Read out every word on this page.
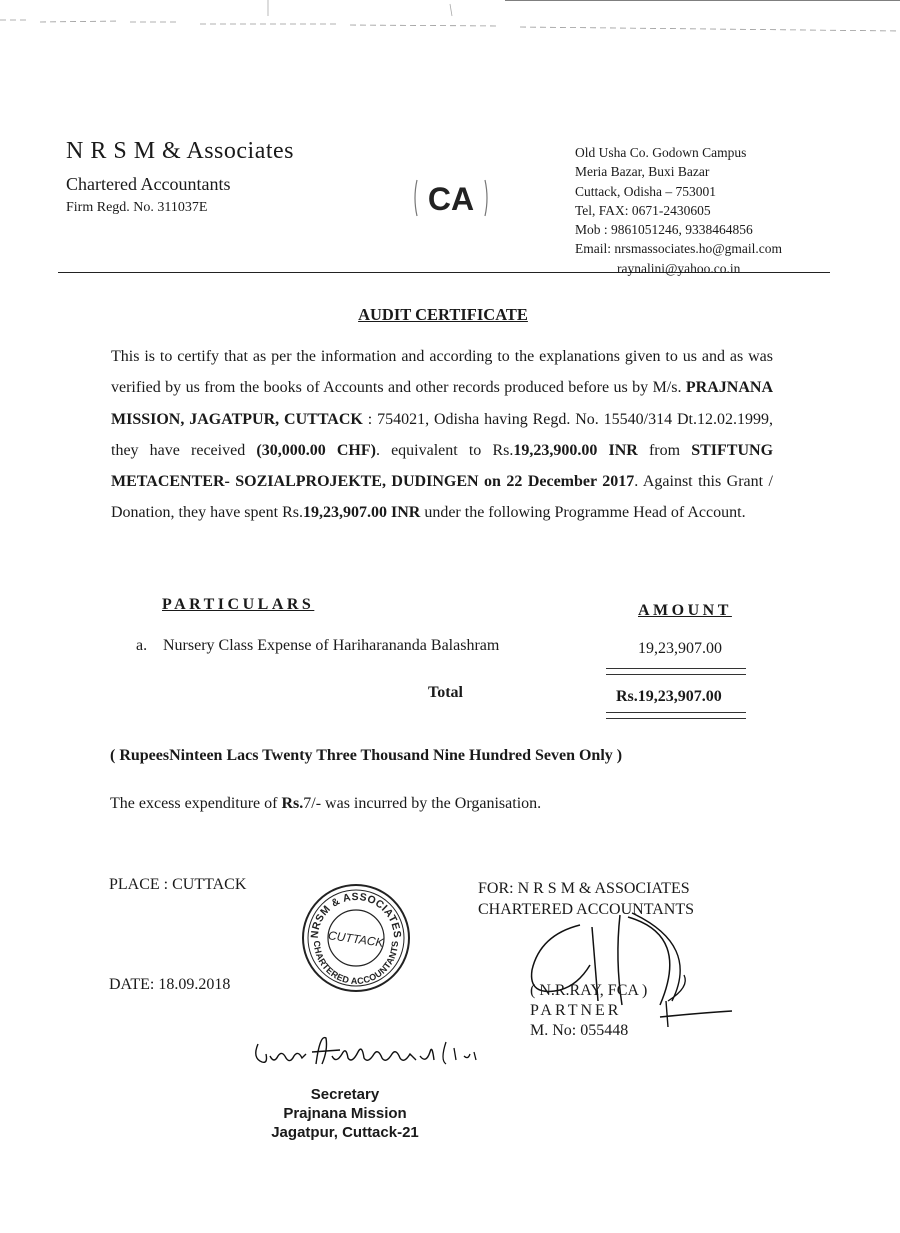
N R S M & Associates
Chartered Accountants
Firm Regd. No. 311037E	CA
Old Usha Co. Godown Campus
Meria Bazar, Buxi Bazar
Cuttack, Odisha – 753001
Tel, FAX: 0671-2430605
Mob : 9861051246, 9338464856
Email: nrsmassociates.ho@gmail.com
raynalini@yahoo.co.in
AUDIT CERTIFICATE
This is to certify that as per the information and according to the explanations given to us and as was verified by us from the books of Accounts and other records produced before us by M/s. PRAJNANA MISSION, JAGATPUR, CUTTACK : 754021, Odisha having Regd. No. 15540/314 Dt.12.02.1999, they have received (30,000.00 CHF). equivalent to Rs.19,23,900.00 INR from STIFTUNG METACENTER- SOZIALPROJEKTE, DUDINGEN on 22 December 2017. Against this Grant / Donation, they have spent Rs.19,23,907.00 INR under the following Programme Head of Account.
PARTICULARS	AMOUNT
a. Nursery Class Expense of Hariharananda Balashram	19,23,907.00
Total	Rs.19,23,907.00
( RupeesNinteen Lacs Twenty Three Thousand Nine Hundred Seven Only )
The excess expenditure of Rs.7/- was incurred by the Organisation.
PLACE : CUTTACK
DATE: 18.09.2018
NRSM & ASSOCIATES
CHARTERED ACCOUNTANTS
CUTTACK
FOR: N R S M & ASSOCIATES
CHARTERED ACCOUNTANTS
( N.R.RAY, FCA )
PARTNER
M. No: 055448
Swami Atmananda Giri
Secretary
Prajnana Mission
Jagatpur, Cuttack-21
